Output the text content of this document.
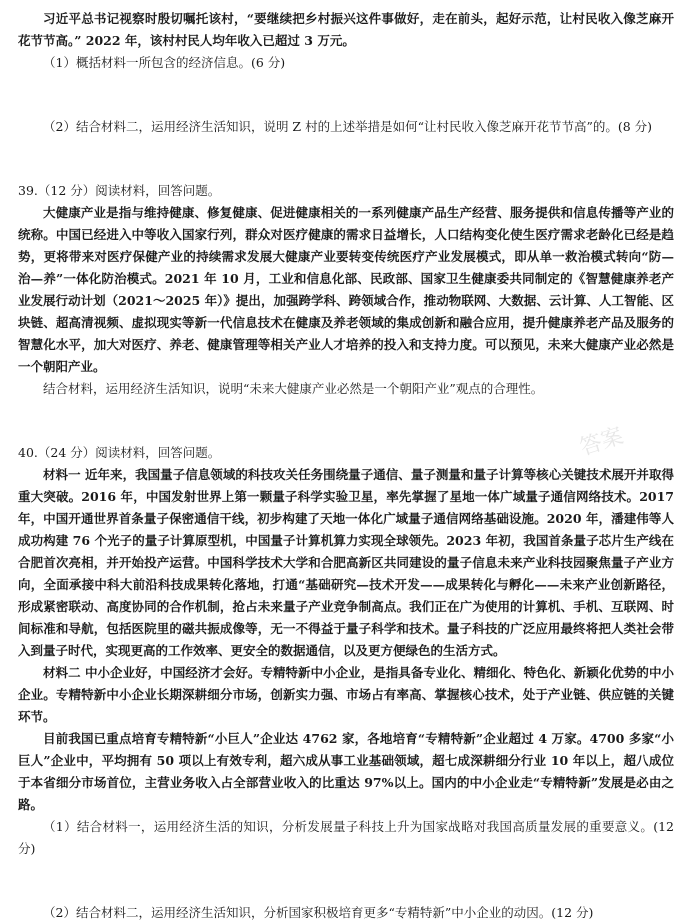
习近平总书记视察时殷切嘱托该村，“要继续把乡村振兴这件事做好，走在前头，起好示范，让村民收入像芝麻开花节节高。” 2022 年，该村村民人均年收入已超过 3 万元。

（1）概括材料一所包含的经济信息。(6 分)

（2）结合材料二，运用经济生活知识，说明 Z 村的上述举措是如何“让村民收入像芝麻开花节节高”的。(8 分)

39.（12 分）阅读材料，回答问题。

大健康产业是指与维持健康、修复健康、促进健康相关的一系列健康产品生产经营、服务提供和信息传播等产业的统称。中国已经进入中等收入国家行列，群众对医疗健康的需求日益增长，人口结构变化使生医疗需求老龄化已经是趋势，更将带来对医疗保健产业的持续需求发展大健康产业要转变传统医疗产业发展模式，即从单一救治模式转向“防—治—养”一体化防治模式。2021 年 10 月，工业和信息化部、民政部、国家卫生健康委共同制定的《智慧健康养老产业发展行动计划（2021～2025 年）》提出，加强跨学科、跨领域合作，推动物联网、大数据、云计算、人工智能、区块链、超高清视频、虚拟现实等新一代信息技术在健康及养老领域的集成创新和融合应用，提升健康养老产品及服务的智慧化水平，加大对医疗、养老、健康管理等相关产业人才培养的投入和支持力度。可以预见，未来大健康产业必然是一个朝阳产业。

结合材料，运用经济生活知识，说明“未来大健康产业必然是一个朝阳产业”观点的合理性。

40.（24 分）阅读材料，回答问题。

材料一 近年来，我国量子信息领域的科技攻关任务围绕量子通信、量子测量和量子计算等核心关键技术展开并取得重大突破。2016 年，中国发射世界上第一颗量子科学实验卫星，率先掌握了星地一体广域量子通信网络技术。2017 年，中国开通世界首条量子保密通信干线，初步构建了天地一体化广域量子通信网络基础设施。2020 年，潘建伟等人成功构建 76 个光子的量子计算原型机，中国量子计算机算力实现全球领先。2023 年初，我国首条量子芯片生产线在合肥首次亮相，并开始投产运营。中国科学技术大学和合肥高新区共同建设的量子信息未来产业科技园聚焦量子产业方向，全面承接中科大前沿科技成果转化落地，打通“基础研究—技术开发——成果转化与孵化——未来产业创新路径，形成紧密联动、高度协同的合作机制，抢占未来量子产业竞争制高点。我们正在广为使用的计算机、手机、互联网、时间标准和导航，包括医院里的磁共振成像等，无一不得益于量子科学和技术。量子科技的广泛应用最终将把人类社会带入到量子时代，实现更高的工作效率、更安全的数据通信，以及更方便绿色的生活方式。

材料二 中小企业好，中国经济才会好。专精特新中小企业，是指具备专业化、精细化、特色化、新颖化优势的中小企业。专精特新中小企业长期深耕细分市场，创新实力强、市场占有率高、掌握核心技术，处于产业链、供应链的关键环节。

目前我国已重点培育专精特新“小巨人”企业达 4762 家，各地培育“专精特新”企业超过 4 万家。4700 多家“小巨人”企业中，平均拥有 50 项以上有效专利，超六成从事工业基础领域，超七成深耕细分行业 10 年以上，超八成位于本省细分市场首位，主营业务收入占全部营业收入的比重达 97%以上。国内的中小企业走“专精特新”发展是必由之路。

（1）结合材料一，运用经济生活的知识，分析发展量子科技上升为国家战略对我国高质量发展的重要意义。(12 分)

（2）结合材料二，运用经济生活知识，分析国家积极培育更多“专精特新”中小企业的动因。(12 分)

答案
